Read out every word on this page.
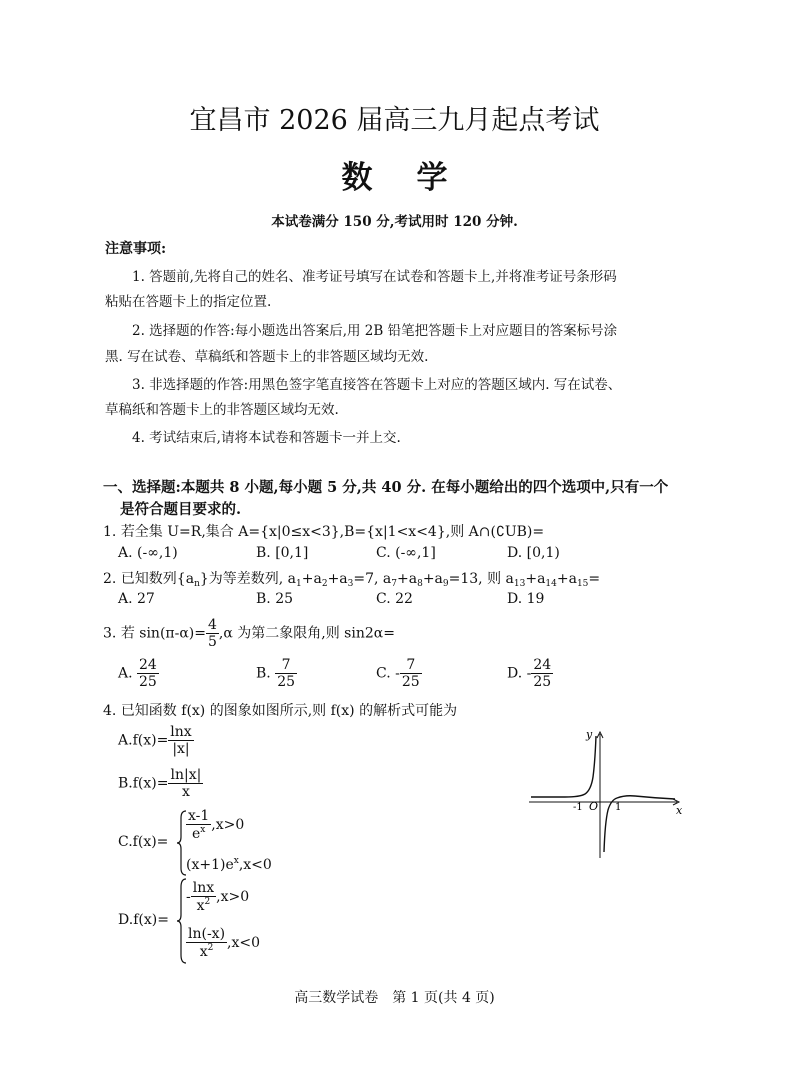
宜昌市 2026 届高三九月起点考试
数 学
本试卷满分 150 分,考试用时 120 分钟.
注意事项:
1. 答题前,先将自己的姓名、准考证号填写在试卷和答题卡上,并将准考证号条形码
粘贴在答题卡上的指定位置.
2. 选择题的作答:每小题选出答案后,用 2B 铅笔把答题卡上对应题目的答案标号涂
黑. 写在试卷、草稿纸和答题卡上的非答题区域均无效.
3. 非选择题的作答:用黑色签字笔直接答在答题卡上对应的答题区域内. 写在试卷、
草稿纸和答题卡上的非答题区域均无效.
4. 考试结束后,请将本试卷和答题卡一并上交.
一、选择题:本题共 8 小题,每小题 5 分,共 40 分. 在每小题给出的四个选项中,只有一个
是符合题目要求的.
1. 若全集 U=R,集合 A={x|0≤x<3},B={x|1<x<4},则 A∩(∁UB)=
A. (-∞,1)	B. [0,1]	C. (-∞,1]	D. [0,1)
2. 已知数列$\{a_n\}$为等差数列, $a_1+a_2+a_3=7$, $a_7+a_8+a_9=13$, 则 $a_{13}+a_{14}+a_{15}=$
A. 27	B. 25	C. 22	D. 19
3. 若 $\sin(\pi-\alpha)= \frac{4}{5} ,\alpha$ 为第二象限角,则 sin2α=
A. $\frac{24}{25}$	B. $\frac{7}{25}$	C. - $\frac{7}{25}$	D. - $\frac{24}{25}$
4. 已知函数 f(x) 的图象如图所示,则 f(x) 的解析式可能为
$A.f(x)= \frac{\ln x}{|x|}$
$B.f(x)= \frac{\ln|x|}{x}$
$C.f(x)= \frac{x-1}{e^x} ,x>0$
$(x+1)e^x,x<0$
D.f(x)=
- $\frac{\ln x}{x^2} ,x>0$
$\frac{\ln(-x)}{x^2} ,x<0$
y
x
O
-1	1
高三数学试卷　第 1 页(共 4 页)
